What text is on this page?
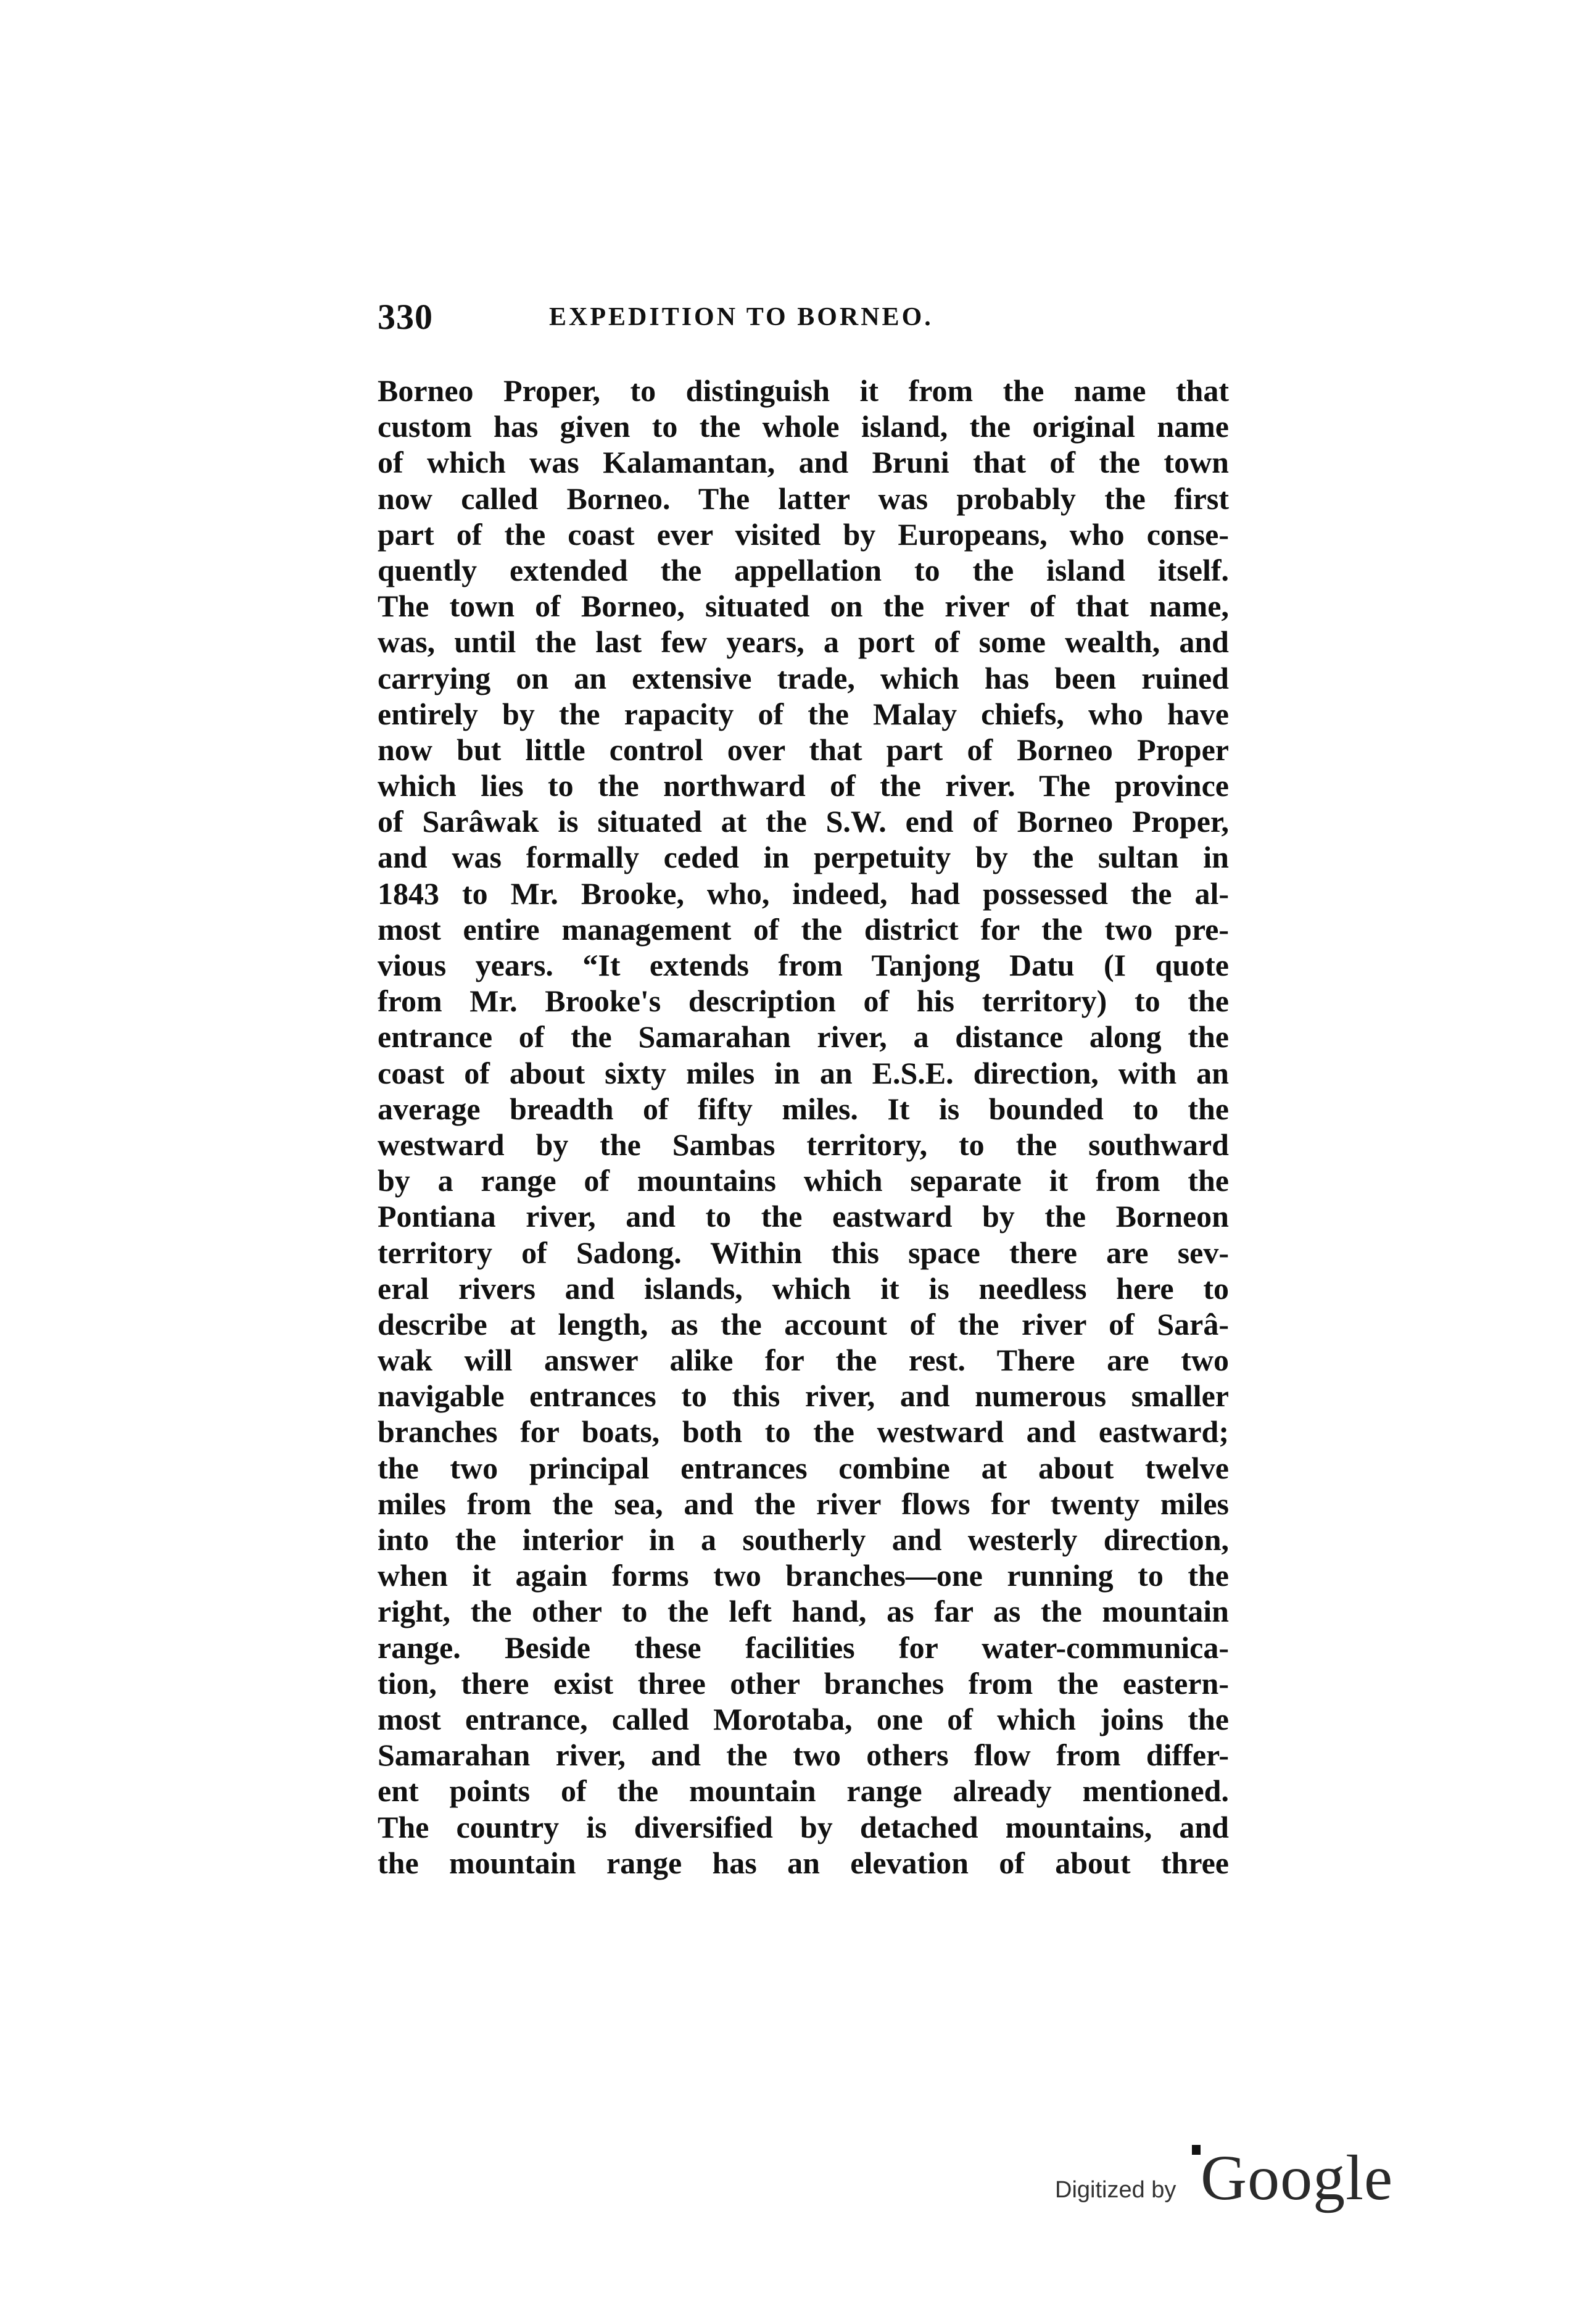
330	EXPEDITION TO BORNEO.
Borneo Proper, to distinguish it from the name that
custom has given to the whole island, the original name
of which was Kalamantan, and Bruni that of the town
now called Borneo. The latter was probably the first
part of the coast ever visited by Europeans, who conse-
quently extended the appellation to the island itself.
The town of Borneo, situated on the river of that name,
was, until the last few years, a port of some wealth, and
carrying on an extensive trade, which has been ruined
entirely by the rapacity of the Malay chiefs, who have
now but little control over that part of Borneo Proper
which lies to the northward of the river. The province
of Sarâwak is situated at the S.W. end of Borneo Proper,
and was formally ceded in perpetuity by the sultan in
1843 to Mr. Brooke, who, indeed, had possessed the al-
most entire management of the district for the two pre-
vious years. “It extends from Tanjong Datu (I quote
from Mr. Brooke's description of his territory) to the
entrance of the Samarahan river, a distance along the
coast of about sixty miles in an E.S.E. direction, with an
average breadth of fifty miles. It is bounded to the
westward by the Sambas territory, to the southward
by a range of mountains which separate it from the
Pontiana river, and to the eastward by the Borneon
territory of Sadong. Within this space there are sev-
eral rivers and islands, which it is needless here to
describe at length, as the account of the river of Sarâ-
wak will answer alike for the rest. There are two
navigable entrances to this river, and numerous smaller
branches for boats, both to the westward and eastward;
the two principal entrances combine at about twelve
miles from the sea, and the river flows for twenty miles
into the interior in a southerly and westerly direction,
when it again forms two branches—one running to the
right, the other to the left hand, as far as the mountain
range. Beside these facilities for water-communica-
tion, there exist three other branches from the eastern-
most entrance, called Morotaba, one of which joins the
Samarahan river, and the two others flow from differ-
ent points of the mountain range already mentioned.
The country is diversified by detached mountains, and
the mountain range has an elevation of about three
Digitized by Google
